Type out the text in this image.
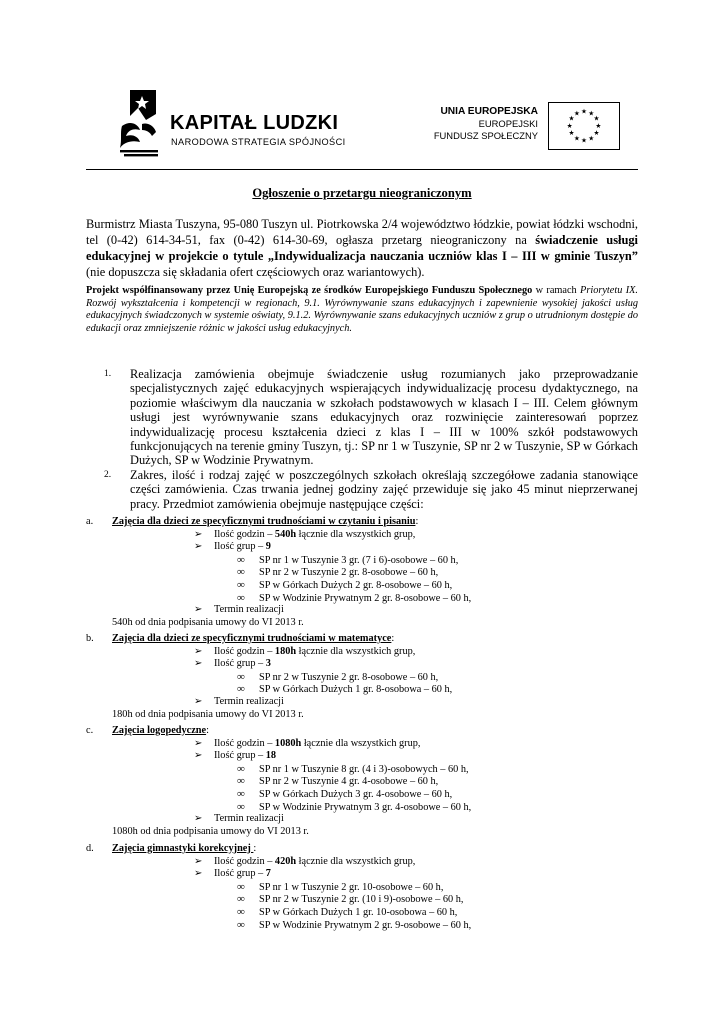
KAPITAŁ LUDZKI
NARODOWA STRATEGIA SPÓJNOŚCI
UNIA EUROPEJSKA
EUROPEJSKI
FUNDUSZ SPOŁECZNY
★ ★
★
★
★
★
★
★
★
★
★
★
Ogłoszenie o przetargu nieograniczonym
Burmistrz Miasta Tuszyna, 95-080 Tuszyn ul. Piotrkowska 2/4 województwo łódzkie, powiat łódzki wschodni, tel (0-42) 614-34-51, fax (0-42) 614-30-69, ogłasza przetarg nieograniczony na świadczenie usługi edukacyjnej w projekcie o tytule „Indywidualizacja nauczania uczniów klas I – III w gminie Tuszyn” (nie dopuszcza się składania ofert częściowych oraz wariantowych).
Projekt współfinansowany przez Unię Europejską ze środków Europejskiego Funduszu Społecznego w ramach Priorytetu IX. Rozwój wykształcenia i kompetencji w regionach, 9.1. Wyrównywanie szans edukacyjnych i zapewnienie wysokiej jakości usług edukacyjnych świadczonych w systemie oświaty, 9.1.2. Wyrównywanie szans edukacyjnych uczniów z grup o utrudnionym dostępie do edukacji oraz zmniejszenie różnic w jakości usług edukacyjnych.
1. Realizacja zamówienia obejmuje świadczenie usług rozumianych jako przeprowadzanie specjalistycznych zajęć edukacyjnych wspierających indywidualizację procesu dydaktycznego, na poziomie właściwym dla nauczania w szkołach podstawowych w klasach I – III. Celem głównym usługi jest wyrównywanie szans edukacyjnych oraz rozwinięcie zainteresowań poprzez indywidualizację procesu kształcenia dzieci z klas I – III w 100% szkół podstawowych funkcjonujących na terenie gminy Tuszyn, tj.: SP nr 1 w Tuszynie, SP nr 2 w Tuszynie, SP w Górkach Dużych, SP w Wodzinie Prywatnym.
2. Zakres, ilość i rodzaj zajęć w poszczególnych szkołach określają szczegółowe zadania stanowiące części zamówienia. Czas trwania jednej godziny zajęć przewiduje się jako 45 minut nieprzerwanej pracy. Przedmiot zamówienia obejmuje następujące części:
a. Zajęcia dla dzieci ze specyficznymi trudnościami w czytaniu i pisaniu:
➢ Ilość godzin – 540h łącznie dla wszystkich grup,
➢ Ilość grup – 9
∞ SP nr 1 w Tuszynie 3 gr. (7 i 6)-osobowe – 60 h,
∞ SP nr 2 w Tuszynie 2 gr. 8-osobowe – 60 h,
∞ SP w Górkach Dużych 2 gr. 8-osobowe – 60 h,
∞ SP w Wodzinie Prywatnym 2 gr. 8-osobowe – 60 h,
➢ Termin realizacji
540h od dnia podpisania umowy do VI 2013 r.
b. Zajęcia dla dzieci ze specyficznymi trudnościami w matematyce:
➢ Ilość godzin – 180h łącznie dla wszystkich grup,
➢ Ilość grup – 3
∞ SP nr 2 w Tuszynie 2 gr. 8-osobowe – 60 h,
∞ SP w Górkach Dużych 1 gr. 8-osobowa – 60 h,
➢ Termin realizacji
180h od dnia podpisania umowy do VI 2013 r.
c. Zajęcia logopedyczne:
➢ Ilość godzin – 1080h łącznie dla wszystkich grup,
➢ Ilość grup – 18
∞ SP nr 1 w Tuszynie 8 gr. (4 i 3)-osobowych – 60 h,
∞ SP nr 2 w Tuszynie 4 gr. 4-osobowe – 60 h,
∞ SP w Górkach Dużych 3 gr. 4-osobowe – 60 h,
∞ SP w Wodzinie Prywatnym 3 gr. 4-osobowe – 60 h,
➢ Termin realizacji
1080h od dnia podpisania umowy do VI 2013 r.
d. Zajęcia gimnastyki korekcyjnej :
➢ Ilość godzin – 420h łącznie dla wszystkich grup,
➢ Ilość grup – 7
∞ SP nr 1 w Tuszynie 2 gr. 10-osobowe – 60 h,
∞ SP nr 2 w Tuszynie 2 gr. (10 i 9)-osobowe – 60 h,
∞ SP w Górkach Dużych 1 gr. 10-osobowa – 60 h,
∞ SP w Wodzinie Prywatnym 2 gr. 9-osobowe – 60 h,
